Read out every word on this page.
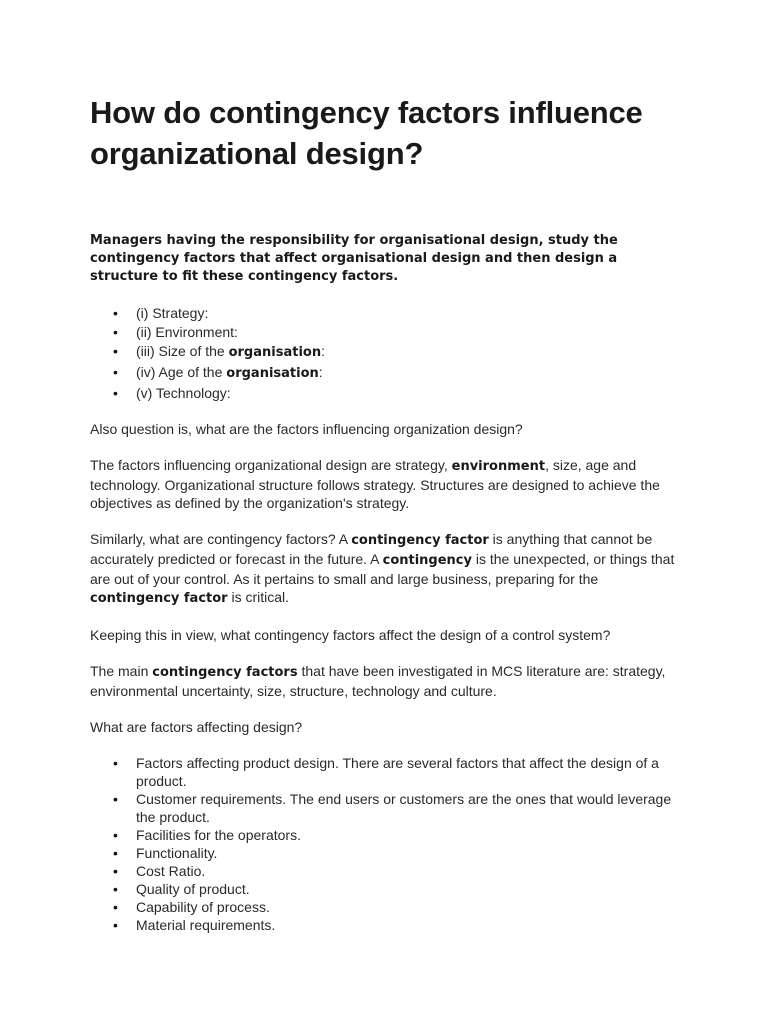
How do contingency factors influence organizational design?
Managers having the responsibility for organisational design, study the contingency factors that affect organisational design and then design a structure to fit these contingency factors.
• (i) Strategy:
• (ii) Environment:
• (iii) Size of the organisation:
• (iv) Age of the organisation:
• (v) Technology:

Also question is, what are the factors influencing organization design?

The factors influencing organizational design are strategy, environment, size, age and technology. Organizational structure follows strategy. Structures are designed to achieve the objectives as defined by the organization's strategy.

Similarly, what are contingency factors? A contingency factor is anything that cannot be accurately predicted or forecast in the future. A contingency is the unexpected, or things that are out of your control. As it pertains to small and large business, preparing for the contingency factor is critical.

Keeping this in view, what contingency factors affect the design of a control system?

The main contingency factors that have been investigated in MCS literature are: strategy, environmental uncertainty, size, structure, technology and culture.

What are factors affecting design?

• Factors affecting product design. There are several factors that affect the design of a product.
• Customer requirements. The end users or customers are the ones that would leverage the product.
• Facilities for the operators.
• Functionality.
• Cost Ratio.
• Quality of product.
• Capability of process.
• Material requirements.
